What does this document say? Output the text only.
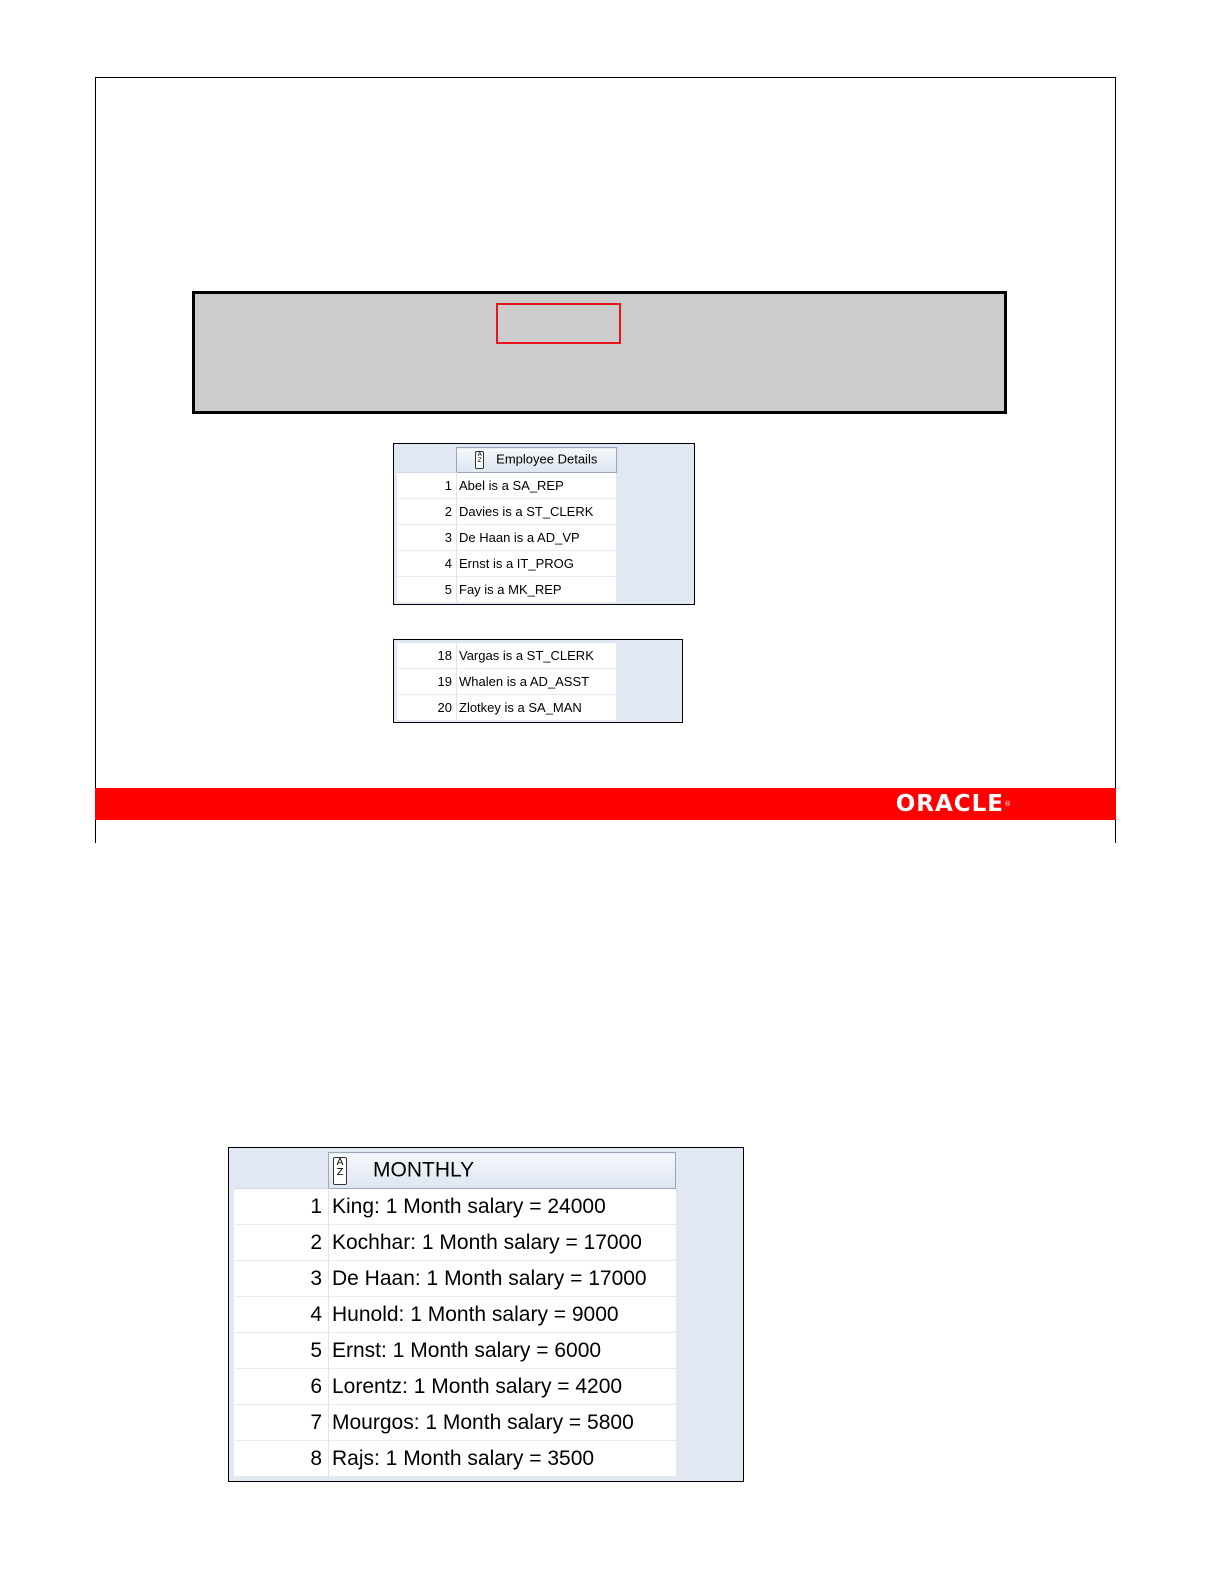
	A
Z Employee Details
1	Abel is a SA_REP
2	Davies is a ST_CLERK
3	De Haan is a AD_VP
4	Ernst is a IT_PROG
5	Fay is a MK_REP
18	Vargas is a ST_CLERK
19	Whalen is a AD_ASST
20	Zlotkey is a SA_MAN
ORACLE®
	A
Z MONTHLY
1	King: 1 Month salary = 24000
2	Kochhar: 1 Month salary = 17000
3	De Haan: 1 Month salary = 17000
4	Hunold: 1 Month salary = 9000
5	Ernst: 1 Month salary = 6000
6	Lorentz: 1 Month salary = 4200
7	Mourgos: 1 Month salary = 5800
8	Rajs: 1 Month salary = 3500
